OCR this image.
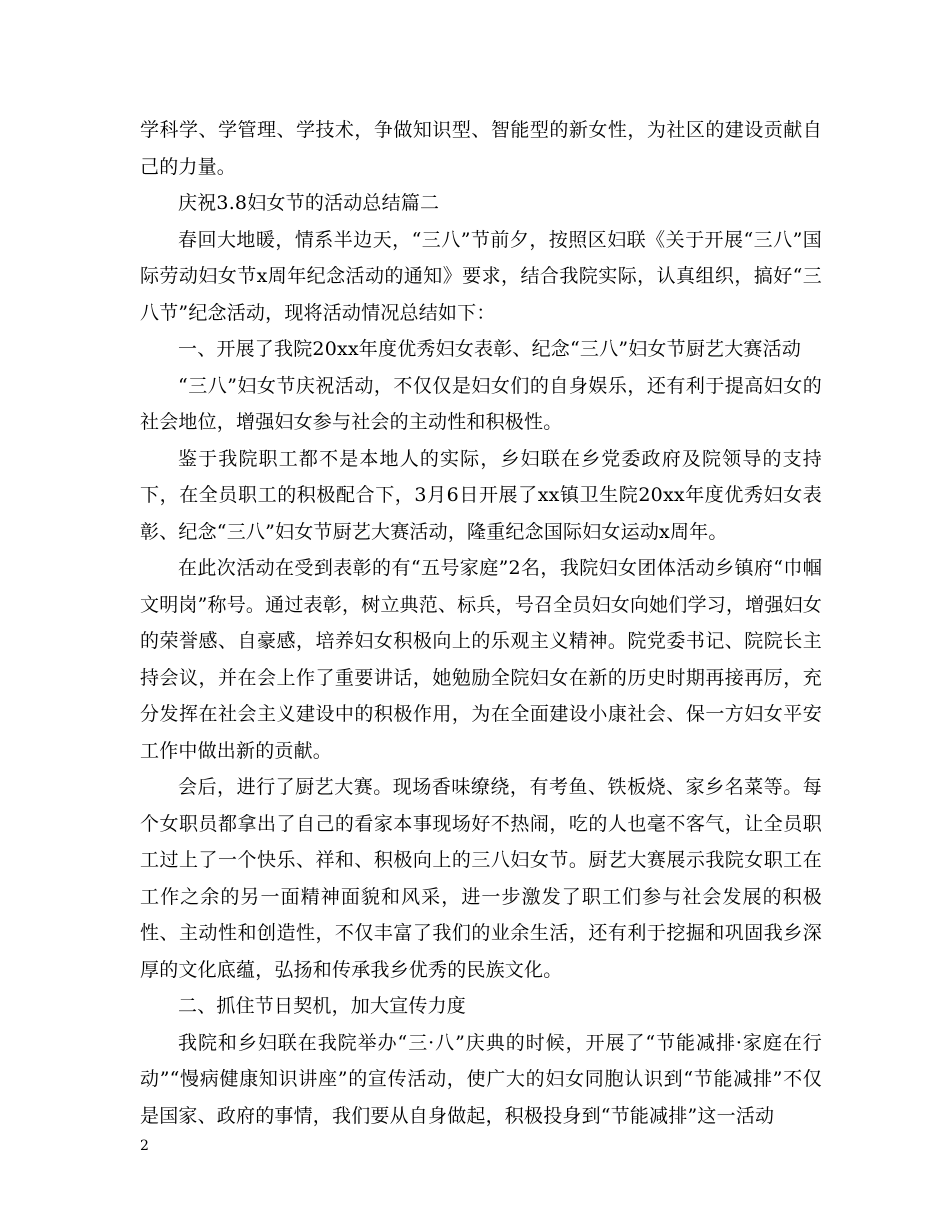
学科学、学管理、学技术，争做知识型、智能型的新女性，为社区的建设贡献自己的力量。

庆祝3.8妇女节的活动总结篇二

春回大地暖，情系半边天，“三八”节前夕，按照区妇联《关于开展“三八”国际劳动妇女节x周年纪念活动的通知》要求，结合我院实际，认真组织，搞好“三八节”纪念活动，现将活动情况总结如下：

一、开展了我院20xx年度优秀妇女表彰、纪念“三八”妇女节厨艺大赛活动

“三八”妇女节庆祝活动，不仅仅是妇女们的自身娱乐，还有利于提高妇女的社会地位，增强妇女参与社会的主动性和积极性。

鉴于我院职工都不是本地人的实际，乡妇联在乡党委政府及院领导的支持下，在全员职工的积极配合下，3月6日开展了xx镇卫生院20xx年度优秀妇女表彰、纪念“三八”妇女节厨艺大赛活动，隆重纪念国际妇女运动x周年。

在此次活动在受到表彰的有“五号家庭”2名，我院妇女团体活动乡镇府“巾帼文明岗”称号。通过表彰，树立典范、标兵，号召全员妇女向她们学习，增强妇女的荣誉感、自豪感，培养妇女积极向上的乐观主义精神。院党委书记、院院长主持会议，并在会上作了重要讲话，她勉励全院妇女在新的历史时期再接再厉，充分发挥在社会主义建设中的积极作用，为在全面建设小康社会、保一方妇女平安工作中做出新的贡献。

会后，进行了厨艺大赛。现场香味缭绕，有考鱼、铁板烧、家乡名菜等。每个女职员都拿出了自己的看家本事现场好不热闹，吃的人也毫不客气，让全员职工过上了一个快乐、祥和、积极向上的三八妇女节。厨艺大赛展示我院女职工在工作之余的另一面精神面貌和风采，进一步激发了职工们参与社会发展的积极性、主动性和创造性，不仅丰富了我们的业余生活，还有利于挖掘和巩固我乡深厚的文化底蕴，弘扬和传承我乡优秀的民族文化。

二、抓住节日契机，加大宣传力度

我院和乡妇联在我院举办“三·八”庆典的时候，开展了“节能减排·家庭在行动”“慢病健康知识讲座”的宣传活动，使广大的妇女同胞认识到“节能减排”不仅是国家、政府的事情，我们要从自身做起，积极投身到“节能减排”这一活动

2
